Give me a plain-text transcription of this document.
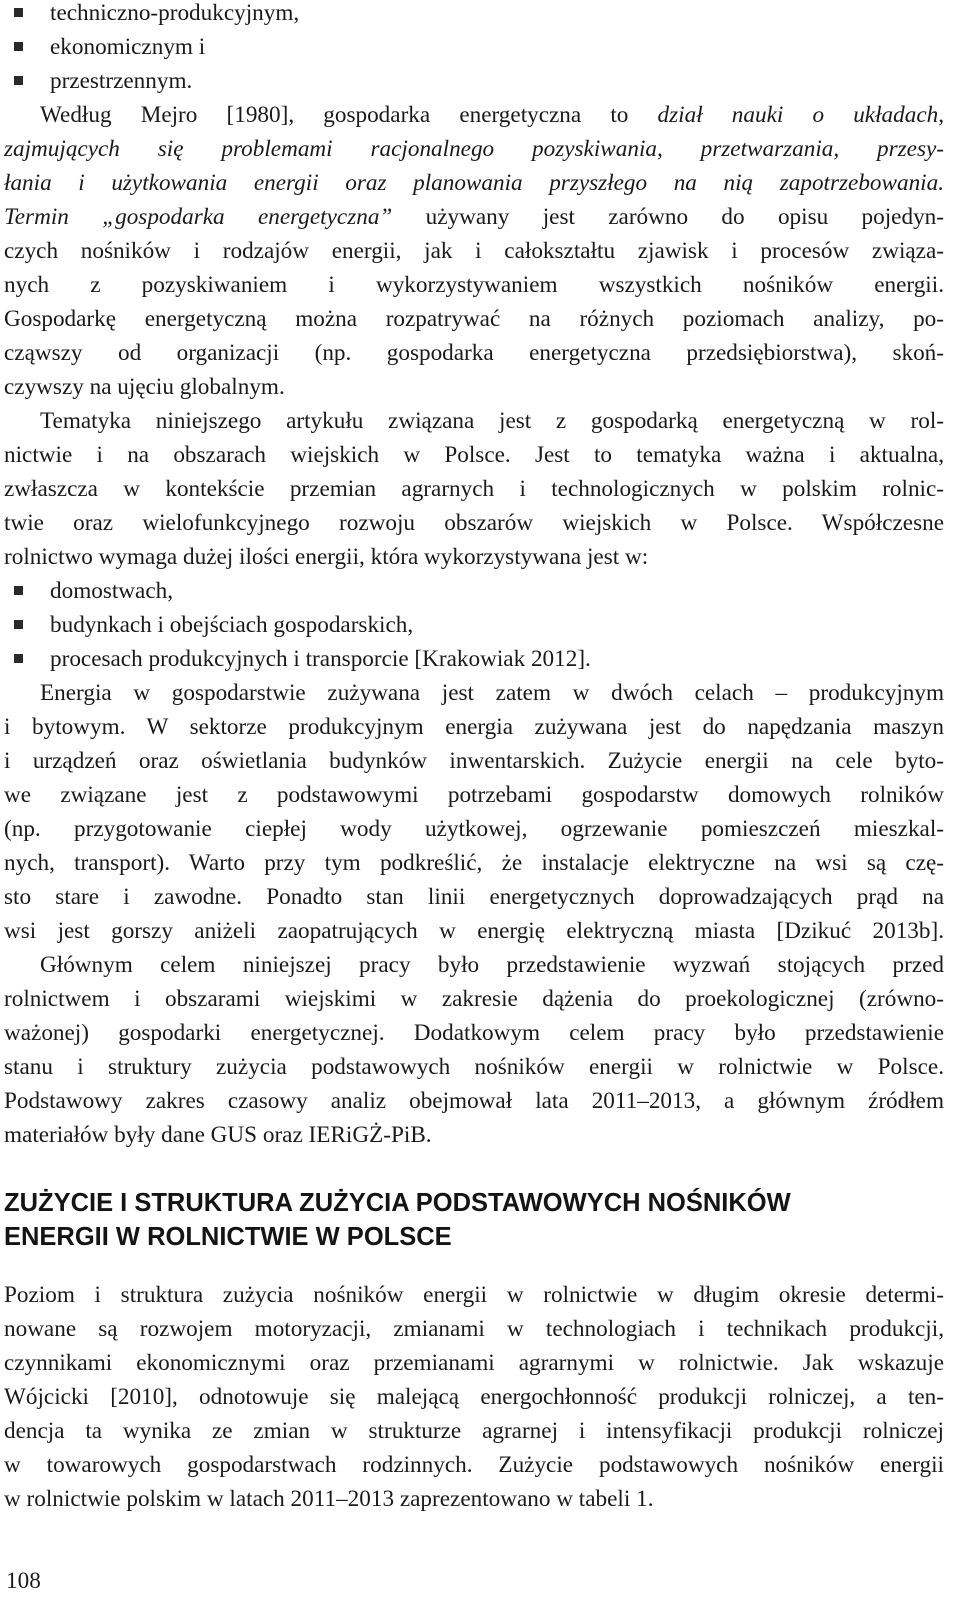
techniczno-produkcyjnym,
ekonomicznym i
przestrzennym.
Według Mejro [1980], gospodarka energetyczna to dział nauki o układach,
zajmujących się problemami racjonalnego pozyskiwania, przetwarzania, przesy-
łania i użytkowania energii oraz planowania przyszłego na nią zapotrzebowania.
Termin „gospodarka energetyczna” używany jest zarówno do opisu pojedyn-
czych nośników i rodzajów energii, jak i całokształtu zjawisk i procesów związa-
nych z pozyskiwaniem i wykorzystywaniem wszystkich nośników energii.
Gospodarkę energetyczną można rozpatrywać na różnych poziomach analizy, po-
cząwszy od organizacji (np. gospodarka energetyczna przedsiębiorstwa), skoń-
czywszy na ujęciu globalnym.
Tematyka niniejszego artykułu związana jest z gospodarką energetyczną w rol-
nictwie i na obszarach wiejskich w Polsce. Jest to tematyka ważna i aktualna,
zwłaszcza w kontekście przemian agrarnych i technologicznych w polskim rolnic-
twie oraz wielofunkcyjnego rozwoju obszarów wiejskich w Polsce. Współczesne
rolnictwo wymaga dużej ilości energii, która wykorzystywana jest w:
domostwach,
budynkach i obejściach gospodarskich,
procesach produkcyjnych i transporcie [Krakowiak 2012].
Energia w gospodarstwie zużywana jest zatem w dwóch celach – produkcyjnym
i bytowym. W sektorze produkcyjnym energia zużywana jest do napędzania maszyn
i urządzeń oraz oświetlania budynków inwentarskich. Zużycie energii na cele byto-
we związane jest z podstawowymi potrzebami gospodarstw domowych rolników
(np. przygotowanie ciepłej wody użytkowej, ogrzewanie pomieszczeń mieszkal-
nych, transport). Warto przy tym podkreślić, że instalacje elektryczne na wsi są czę-
sto stare i zawodne. Ponadto stan linii energetycznych doprowadzających prąd na
wsi jest gorszy aniżeli zaopatrujących w energię elektryczną miasta [Dzikuć 2013b].
Głównym celem niniejszej pracy było przedstawienie wyzwań stojących przed
rolnictwem i obszarami wiejskimi w zakresie dążenia do proekologicznej (zrówno-
ważonej) gospodarki energetycznej. Dodatkowym celem pracy było przedstawienie
stanu i struktury zużycia podstawowych nośników energii w rolnictwie w Polsce.
Podstawowy zakres czasowy analiz obejmował lata 2011–2013, a głównym źródłem
materiałów były dane GUS oraz IERiGŻ-PiB.
ZUŻYCIE I STRUKTURA ZUŻYCIA PODSTAWOWYCH NOŚNIKÓW
ENERGII W ROLNICTWIE W POLSCE
Poziom i struktura zużycia nośników energii w rolnictwie w długim okresie determi-
nowane są rozwojem motoryzacji, zmianami w technologiach i technikach produkcji,
czynnikami ekonomicznymi oraz przemianami agrarnymi w rolnictwie. Jak wskazuje
Wójcicki [2010], odnotowuje się malejącą energochłonność produkcji rolniczej, a ten-
dencja ta wynika ze zmian w strukturze agrarnej i intensyfikacji produkcji rolniczej
w towarowych gospodarstwach rodzinnych. Zużycie podstawowych nośników energii
w rolnictwie polskim w latach 2011–2013 zaprezentowano w tabeli 1.
108
